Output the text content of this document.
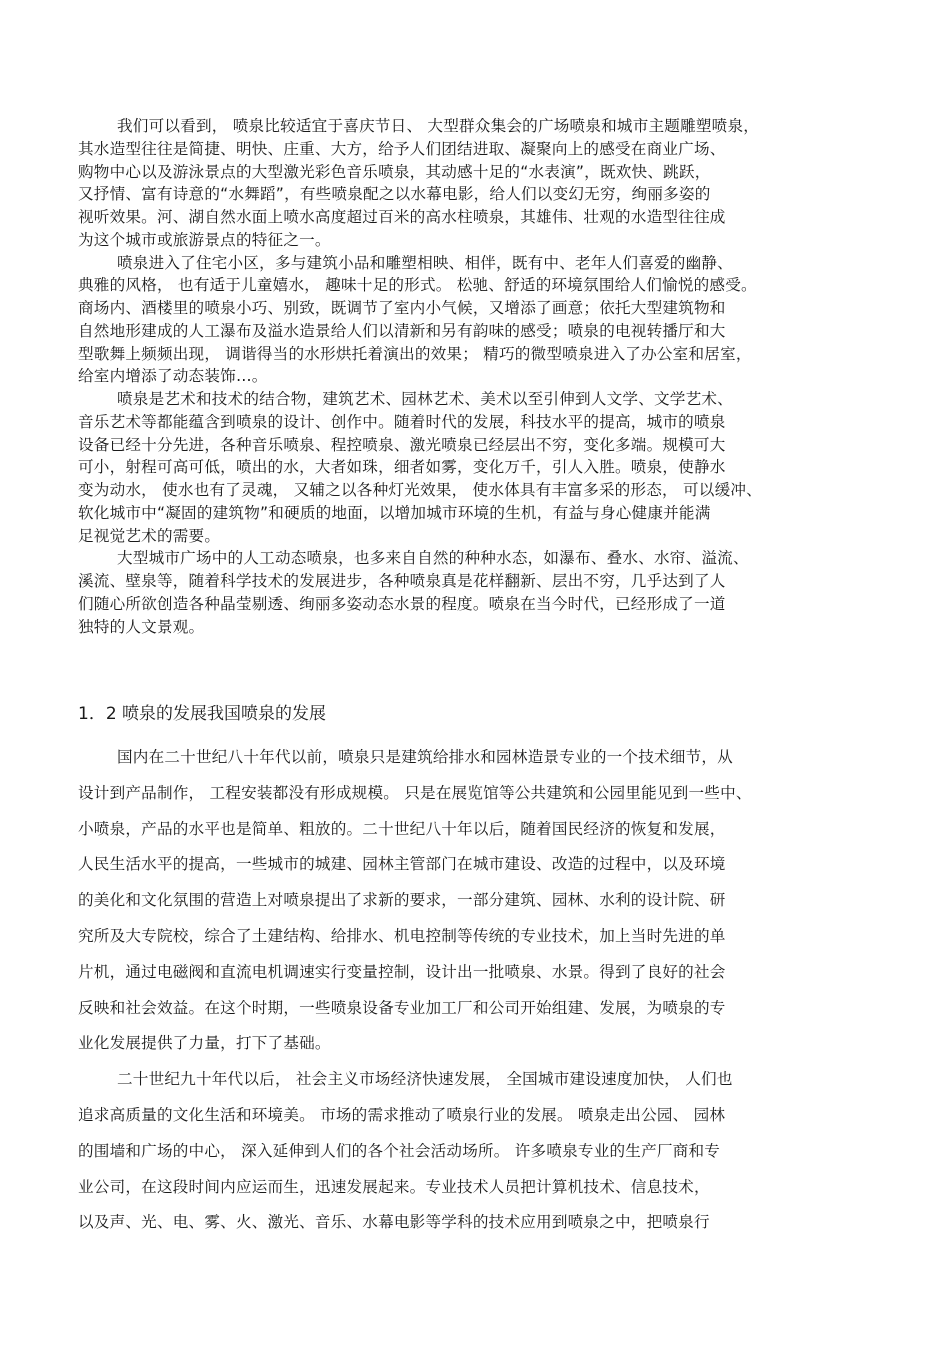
我们可以看到， 喷泉比较适宜于喜庆节日、 大型群众集会的广场喷泉和城市主题雕塑喷泉，
其水造型往往是简捷、明快、庄重、大方，给予人们团结进取、凝聚向上的感受在商业广场、
购物中心以及游泳景点的大型激光彩色音乐喷泉，其动感十足的“水表演”，既欢快、跳跃，
又抒情、富有诗意的“水舞蹈”，有些喷泉配之以水幕电影，给人们以变幻无穷，绚丽多姿的
视听效果。河、湖自然水面上喷水高度超过百米的高水柱喷泉，其雄伟、壮观的水造型往往成
为这个城市或旅游景点的特征之一。
喷泉进入了住宅小区，多与建筑小品和雕塑相映、相伴，既有中、老年人们喜爱的幽静、
典雅的风格， 也有适于儿童嬉水， 趣味十足的形式。 松驰、舒适的环境氛围给人们愉悦的感受。
商场内、酒楼里的喷泉小巧、别致，既调节了室内小气候，又增添了画意；依托大型建筑物和
自然地形建成的人工瀑布及溢水造景给人们以清新和另有韵味的感受；喷泉的电视转播厅和大
型歌舞上频频出现， 调谐得当的水形烘托着演出的效果； 精巧的微型喷泉进入了办公室和居室，
给室内增添了动态装饰…。
喷泉是艺术和技术的结合物，建筑艺术、园林艺术、美术以至引伸到人文学、文学艺术、
音乐艺术等都能蕴含到喷泉的设计、创作中。随着时代的发展，科技水平的提高，城市的喷泉
设备已经十分先进，各种音乐喷泉、程控喷泉、激光喷泉已经层出不穷，变化多端。规模可大
可小，射程可高可低，喷出的水，大者如珠，细者如雾，变化万千，引人入胜。喷泉，使静水
变为动水， 使水也有了灵魂， 又辅之以各种灯光效果， 使水体具有丰富多采的形态， 可以缓冲、
软化城市中“凝固的建筑物”和硬质的地面，以增加城市环境的生机，有益与身心健康并能满
足视觉艺术的需要。
大型城市广场中的人工动态喷泉，也多来自自然的种种水态，如瀑布、叠水、水帘、溢流、
溪流、壁泉等，随着科学技术的发展进步，各种喷泉真是花样翻新、层出不穷，几乎达到了人
们随心所欲创造各种晶莹剔透、绚丽多姿动态水景的程度。喷泉在当今时代，已经形成了一道
独特的人文景观。
1．2 喷泉的发展我国喷泉的发展
国内在二十世纪八十年代以前，喷泉只是建筑给排水和园林造景专业的一个技术细节，从
设计到产品制作， 工程安装都没有形成规模。 只是在展览馆等公共建筑和公园里能见到一些中、
小喷泉，产品的水平也是简单、粗放的。二十世纪八十年以后，随着国民经济的恢复和发展，
人民生活水平的提高，一些城市的城建、园林主管部门在城市建设、改造的过程中，以及环境
的美化和文化氛围的营造上对喷泉提出了求新的要求，一部分建筑、园林、水利的设计院、研
究所及大专院校，综合了土建结构、给排水、机电控制等传统的专业技术，加上当时先进的单
片机，通过电磁阀和直流电机调速实行变量控制，设计出一批喷泉、水景。得到了良好的社会
反映和社会效益。在这个时期，一些喷泉设备专业加工厂和公司开始组建、发展，为喷泉的专
业化发展提供了力量，打下了基础。
二十世纪九十年代以后， 社会主义市场经济快速发展， 全国城市建设速度加快， 人们也
追求高质量的文化生活和环境美。 市场的需求推动了喷泉行业的发展。 喷泉走出公园、 园林
的围墙和广场的中心， 深入延伸到人们的各个社会活动场所。 许多喷泉专业的生产厂商和专
业公司，在这段时间内应运而生，迅速发展起来。专业技术人员把计算机技术、信息技术，
以及声、光、电、雾、火、激光、音乐、水幕电影等学科的技术应用到喷泉之中，把喷泉行
